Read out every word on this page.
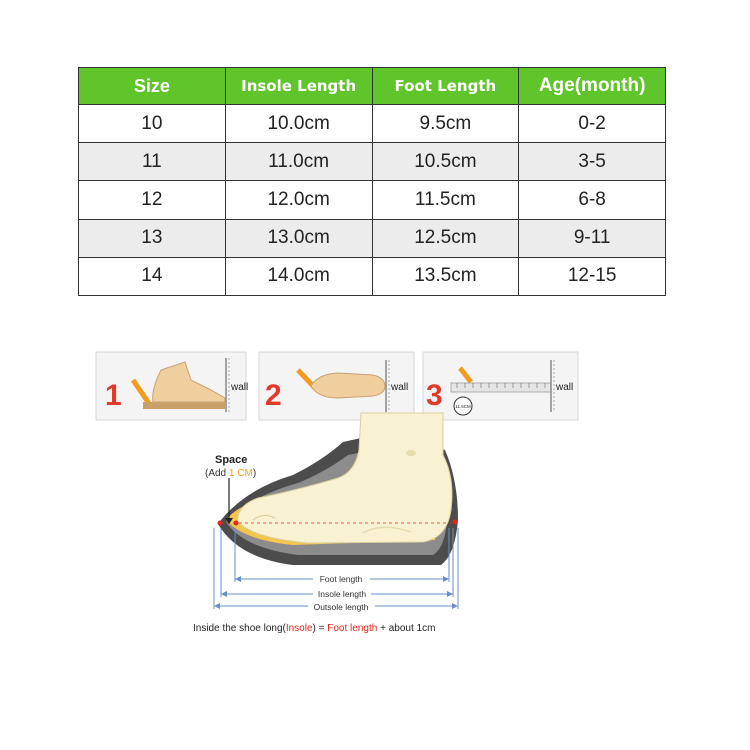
Size	Insole Length	Foot Length	Age(month)
10	10.0cm	9.5cm	0-2
11	11.0cm	10.5cm	3-5
12	12.0cm	11.5cm	6-8
13	13.0cm	12.5cm	9-11
14	14.0cm	13.5cm	12-15
1	wall 2	wall 3	11.5CM
wall
Space
(Add 1 CM)
Foot length
Insole length
Outsole length
Inside the shoe long(Insole) = Foot length + about 1cm
